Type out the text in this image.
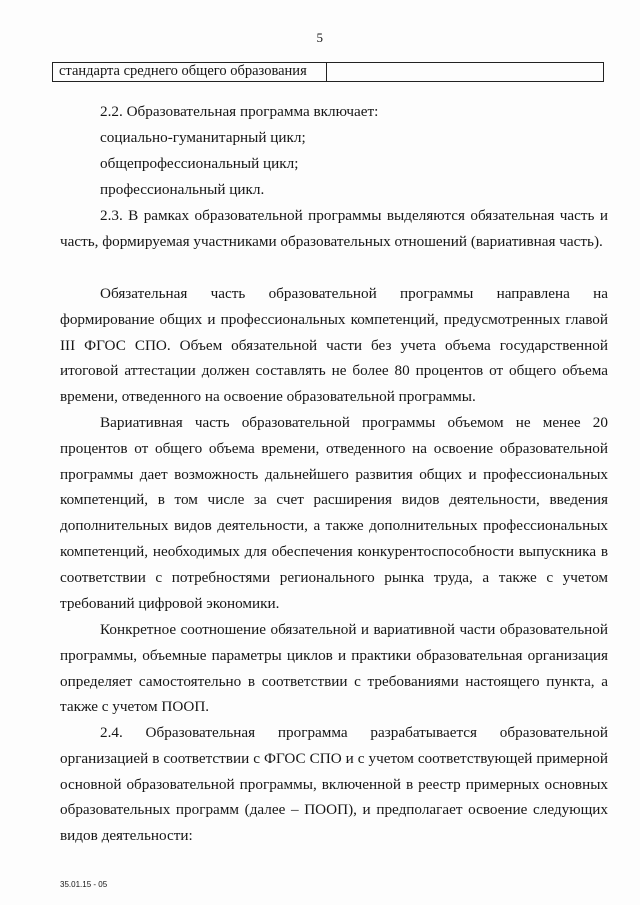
5
стандарта среднего общего образования

2.2. Образовательная программа включает:

социально-гуманитарный цикл;

общепрофессиональный цикл;

профессиональный цикл.

2.3. В рамках образовательной программы выделяются обязательная часть и часть, формируемая участниками образовательных отношений (вариативная часть).

Обязательная часть образовательной программы направлена на формирование общих и профессиональных компетенций, предусмотренных главой III ФГОС СПО. Объем обязательной части без учета объема государственной итоговой аттестации должен составлять не более 80 процентов от общего объема времени, отведенного на освоение образовательной программы.

Вариативная часть образовательной программы объемом не менее 20 процентов от общего объема времени, отведенного на освоение образовательной программы дает возможность дальнейшего развития общих и профессиональных компетенций, в том числе за счет расширения видов деятельности, введения дополнительных видов деятельности, а также дополнительных профессиональных компетенций, необходимых для обеспечения конкурентоспособности выпускника в соответствии с потребностями регионального рынка труда, а также с учетом требований цифровой экономики.

Конкретное соотношение обязательной и вариативной части образовательной программы, объемные параметры циклов и практики образовательная организация определяет самостоятельно в соответствии с требованиями настоящего пункта, а также с учетом ПООП.

2.4. Образовательная программа разрабатывается образовательной организацией в соответствии с ФГОС СПО и с учетом соответствующей примерной основной образовательной программы, включенной в реестр примерных основных образовательных программ (далее – ПООП), и предполагает освоение следующих видов деятельности:

35.01.15 - 05
